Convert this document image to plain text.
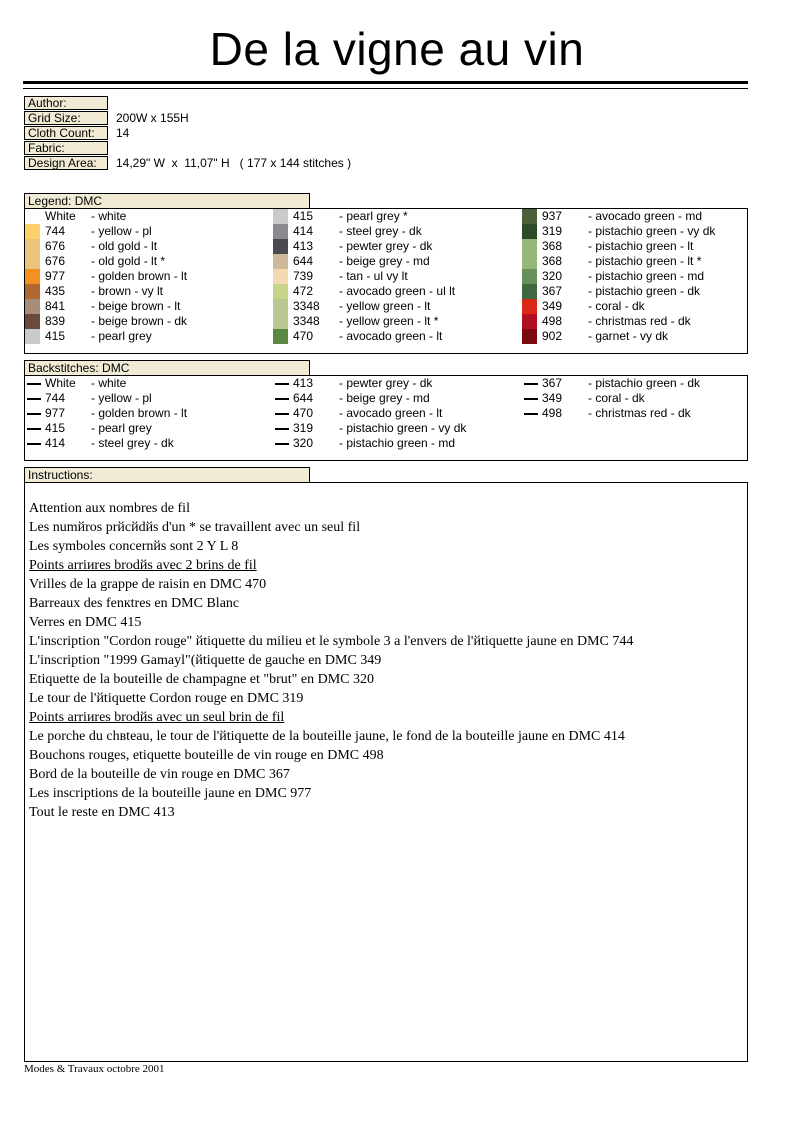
De la vigne au vin
Author:
Grid Size:	200W x 155H
Cloth Count:	14
Fabric:
Design Area:	14,29" W  x  11,07" H   ( 177 x 144 stitches )
Legend: DMC
White - white
744 - yellow - pl
676 - old gold - lt
676 - old gold - lt *
977 - golden brown - lt
435 - brown - vy lt
841 - beige brown - lt
839 - beige brown - dk
415 - pearl grey
415 - pearl grey *
414 - steel grey - dk
413 - pewter grey - dk
644 - beige grey - md
739 - tan - ul vy lt
472 - avocado green - ul lt
3348 - yellow green - lt
3348 - yellow green - lt *
470 - avocado green - lt
937 - avocado green - md
319 - pistachio green - vy dk
368 - pistachio green - lt
368 - pistachio green - lt *
320 - pistachio green - md
367 - pistachio green - dk
349 - coral - dk
498 - christmas red - dk
902 - garnet - vy dk
Backstitches: DMC
White - white
744 - yellow - pl
977 - golden brown - lt
415 - pearl grey
414 - steel grey - dk
413 - pewter grey - dk
644 - beige grey - md
470 - avocado green - lt
319 - pistachio green - vy dk
320 - pistachio green - md
367 - pistachio green - dk
349 - coral - dk
498 - christmas red - dk
Instructions:
Attention aux nombres de fil
Les numйros prйcйdйs d'un * se travaillent avec un seul fil
Les symboles concernйs sont 2 Y L 8
Points arriиres brodйs avec 2 brins de fil
Vrilles de la grappe de raisin en DMC 470
Barreaux des fenкtres en DMC Blanc
Verres en DMC 415
L'inscription "Cordon rouge" йtiquette du milieu et le symbole 3 a l'envers de l'йtiquette jaune en DMC 744
L'inscription "1999 Gamayl"(йtiquette de gauche en DMC 349
Etiquette de la bouteille de champagne et "brut" en DMC 320
Le tour de l'йtiquette Cordon rouge en DMC 319
Points arriиres brodйs avec un seul brin de fil
Le porche du chвteau, le tour de l'йtiquette de la bouteille jaune, le fond de la bouteille jaune en DMC 414
Bouchons rouges, etiquette bouteille de vin rouge en DMC 498
Bord de la bouteille de vin rouge en DMC 367
Les inscriptions de la bouteille jaune en DMC 977
Tout le reste en DMC 413
Modes & Travaux octobre 2001
